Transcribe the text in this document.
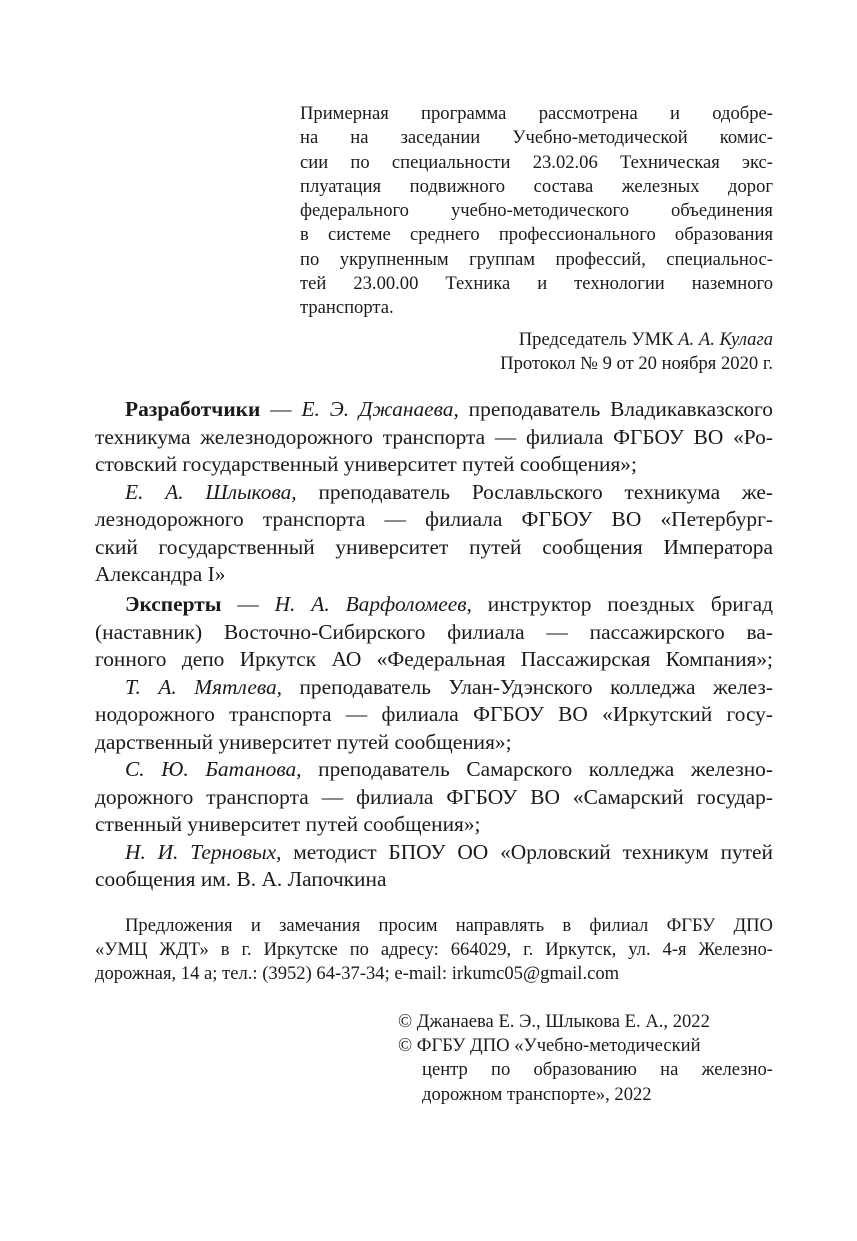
Примерная программа рассмотрена и одобре-
на на заседании Учебно-методической комис-
сии по специальности 23.02.06 Техническая экс-
плуатация подвижного состава железных дорог
федерального учебно-методического объединения
в системе среднего профессионального образования
по укрупненным группам профессий, специальнос-
тей 23.00.00 Техника и технологии наземного
транспорта.
Председатель УМК А. А. Кулага
Протокол № 9 от 20 ноября 2020 г.
Разработчики — Е. Э. Джанаева, преподаватель Владикавказского
техникума железнодорожного транспорта — филиала ФГБОУ ВО «Ро-
стовский государственный университет путей сообщения»;
Е. А. Шлыкова, преподаватель Рославльского техникума же-
лезнодорожного транспорта — филиала ФГБОУ ВО «Петербург-
ский государственный университет путей сообщения Императора
Александра I»
Эксперты — Н. А. Варфоломеев, инструктор поездных бригад
(наставник) Восточно-Сибирского филиала — пассажирского ва-
гонного депо Иркутск АО «Федеральная Пассажирская Компания»;
Т. А. Мятлева, преподаватель Улан-Удэнского колледжа желез-
нодорожного транспорта — филиала ФГБОУ ВО «Иркутский госу-
дарственный университет путей сообщения»;
С. Ю. Батанова, преподаватель Самарского колледжа железно-
дорожного транспорта — филиала ФГБОУ ВО «Самарский государ-
ственный университет путей сообщения»;
Н. И. Терновых, методист БПОУ ОО «Орловский техникум путей
сообщения им. В. А. Лапочкина
Предложения и замечания просим направлять в филиал ФГБУ ДПО
«УМЦ ЖДТ» в г. Иркутске по адресу: 664029, г. Иркутск, ул. 4-я Железно-
дорожная, 14 а; тел.: (3952) 64-37-34; e-mail: irkumc05@gmail.com
© Джанаева Е. Э., Шлыкова Е. А., 2022
© ФГБУ ДПО «Учебно-методический
центр по образованию на железно-
дорожном транспорте», 2022
